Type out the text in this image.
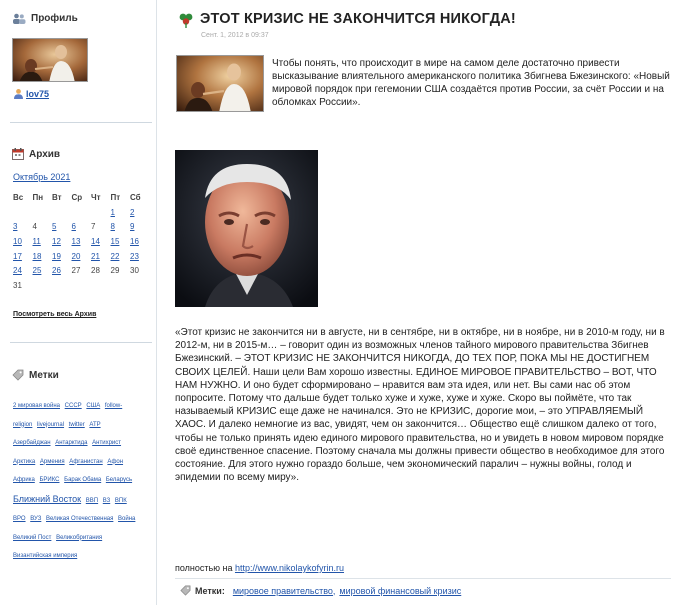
Профиль
lov75
Архив
Октябрь 2021
Вс	Пн	Вт	Ср	Чт	Пт	Сб
					1	2
3	4	5	6	7	8	9
10	11	12	13	14	15	16
17	18	19	20	21	22	23
24	25	26	27	28	29	30
31						
Посмотреть весь Архив
Метки
2 мировая война СССР США follow- religion livejournal twitter АТР Азербайджан Антарктида Антихрист Арктика Армения Афганистан Афон Африка БРИКС Барак Обама Беларусь Ближний Восток ВВП ВЗ ВПК ВРО ВУЗ Великая Отечественная Война Великий Пост Великобритания Византийская империя
ЭТОТ КРИЗИС НЕ ЗАКОНЧИТСЯ НИКОГДА!
Сент. 1, 2012 в 09:37

Чтобы понять, что происходит в мире на самом деле достаточно привести высказывание влиятельного американского политика Збигнева Бжезинского: «Новый мировой порядок при гегемонии США создаётся против России, за счёт России и на обломках России».

«Этот кризис не закончится ни в августе, ни в сентябре, ни в октябре, ни в ноябре, ни в 2010-м году, ни в 2012-м, ни в 2015-м… – говорит один из возможных членов тайного мирового правительства Збигнев Бжезинский. – ЭТОТ КРИЗИС НЕ ЗАКОНЧИТСЯ НИКОГДА, ДО ТЕХ ПОР, ПОКА МЫ НЕ ДОСТИГНЕМ СВОИХ ЦЕЛЕЙ. Наши цели Вам хорошо известны. ЕДИНОЕ МИРОВОЕ ПРАВИТЕЛЬСТВО – ВОТ, ЧТО НАМ НУЖНО. И оно будет сформировано – нравится вам эта идея, или нет. Вы сами нас об этом попросите. Потому что дальше будет только хуже и хуже, хуже и хуже. Скоро вы поймёте, что так называемый КРИЗИС еще даже не начинался. Это не КРИЗИС, дорогие мои, – это УПРАВЛЯЕМЫЙ ХАОС. И далеко немногие из вас, увидят, чем он закончится… Общество ещё слишком далеко от того, чтобы не только принять идею единого мирового правительства, но и увидеть в новом мировом порядке своё единственное спасение. Поэтому сначала мы должны привести общество в необходимое для этого состояние. Для этого нужно гораздо больше, чем экономический паралич – нужны войны, голод и эпидемии по всему миру».

полностью на http://www.nikolaykofyrin.ru
Метки: мировое правительство, мировой финансовый кризис
